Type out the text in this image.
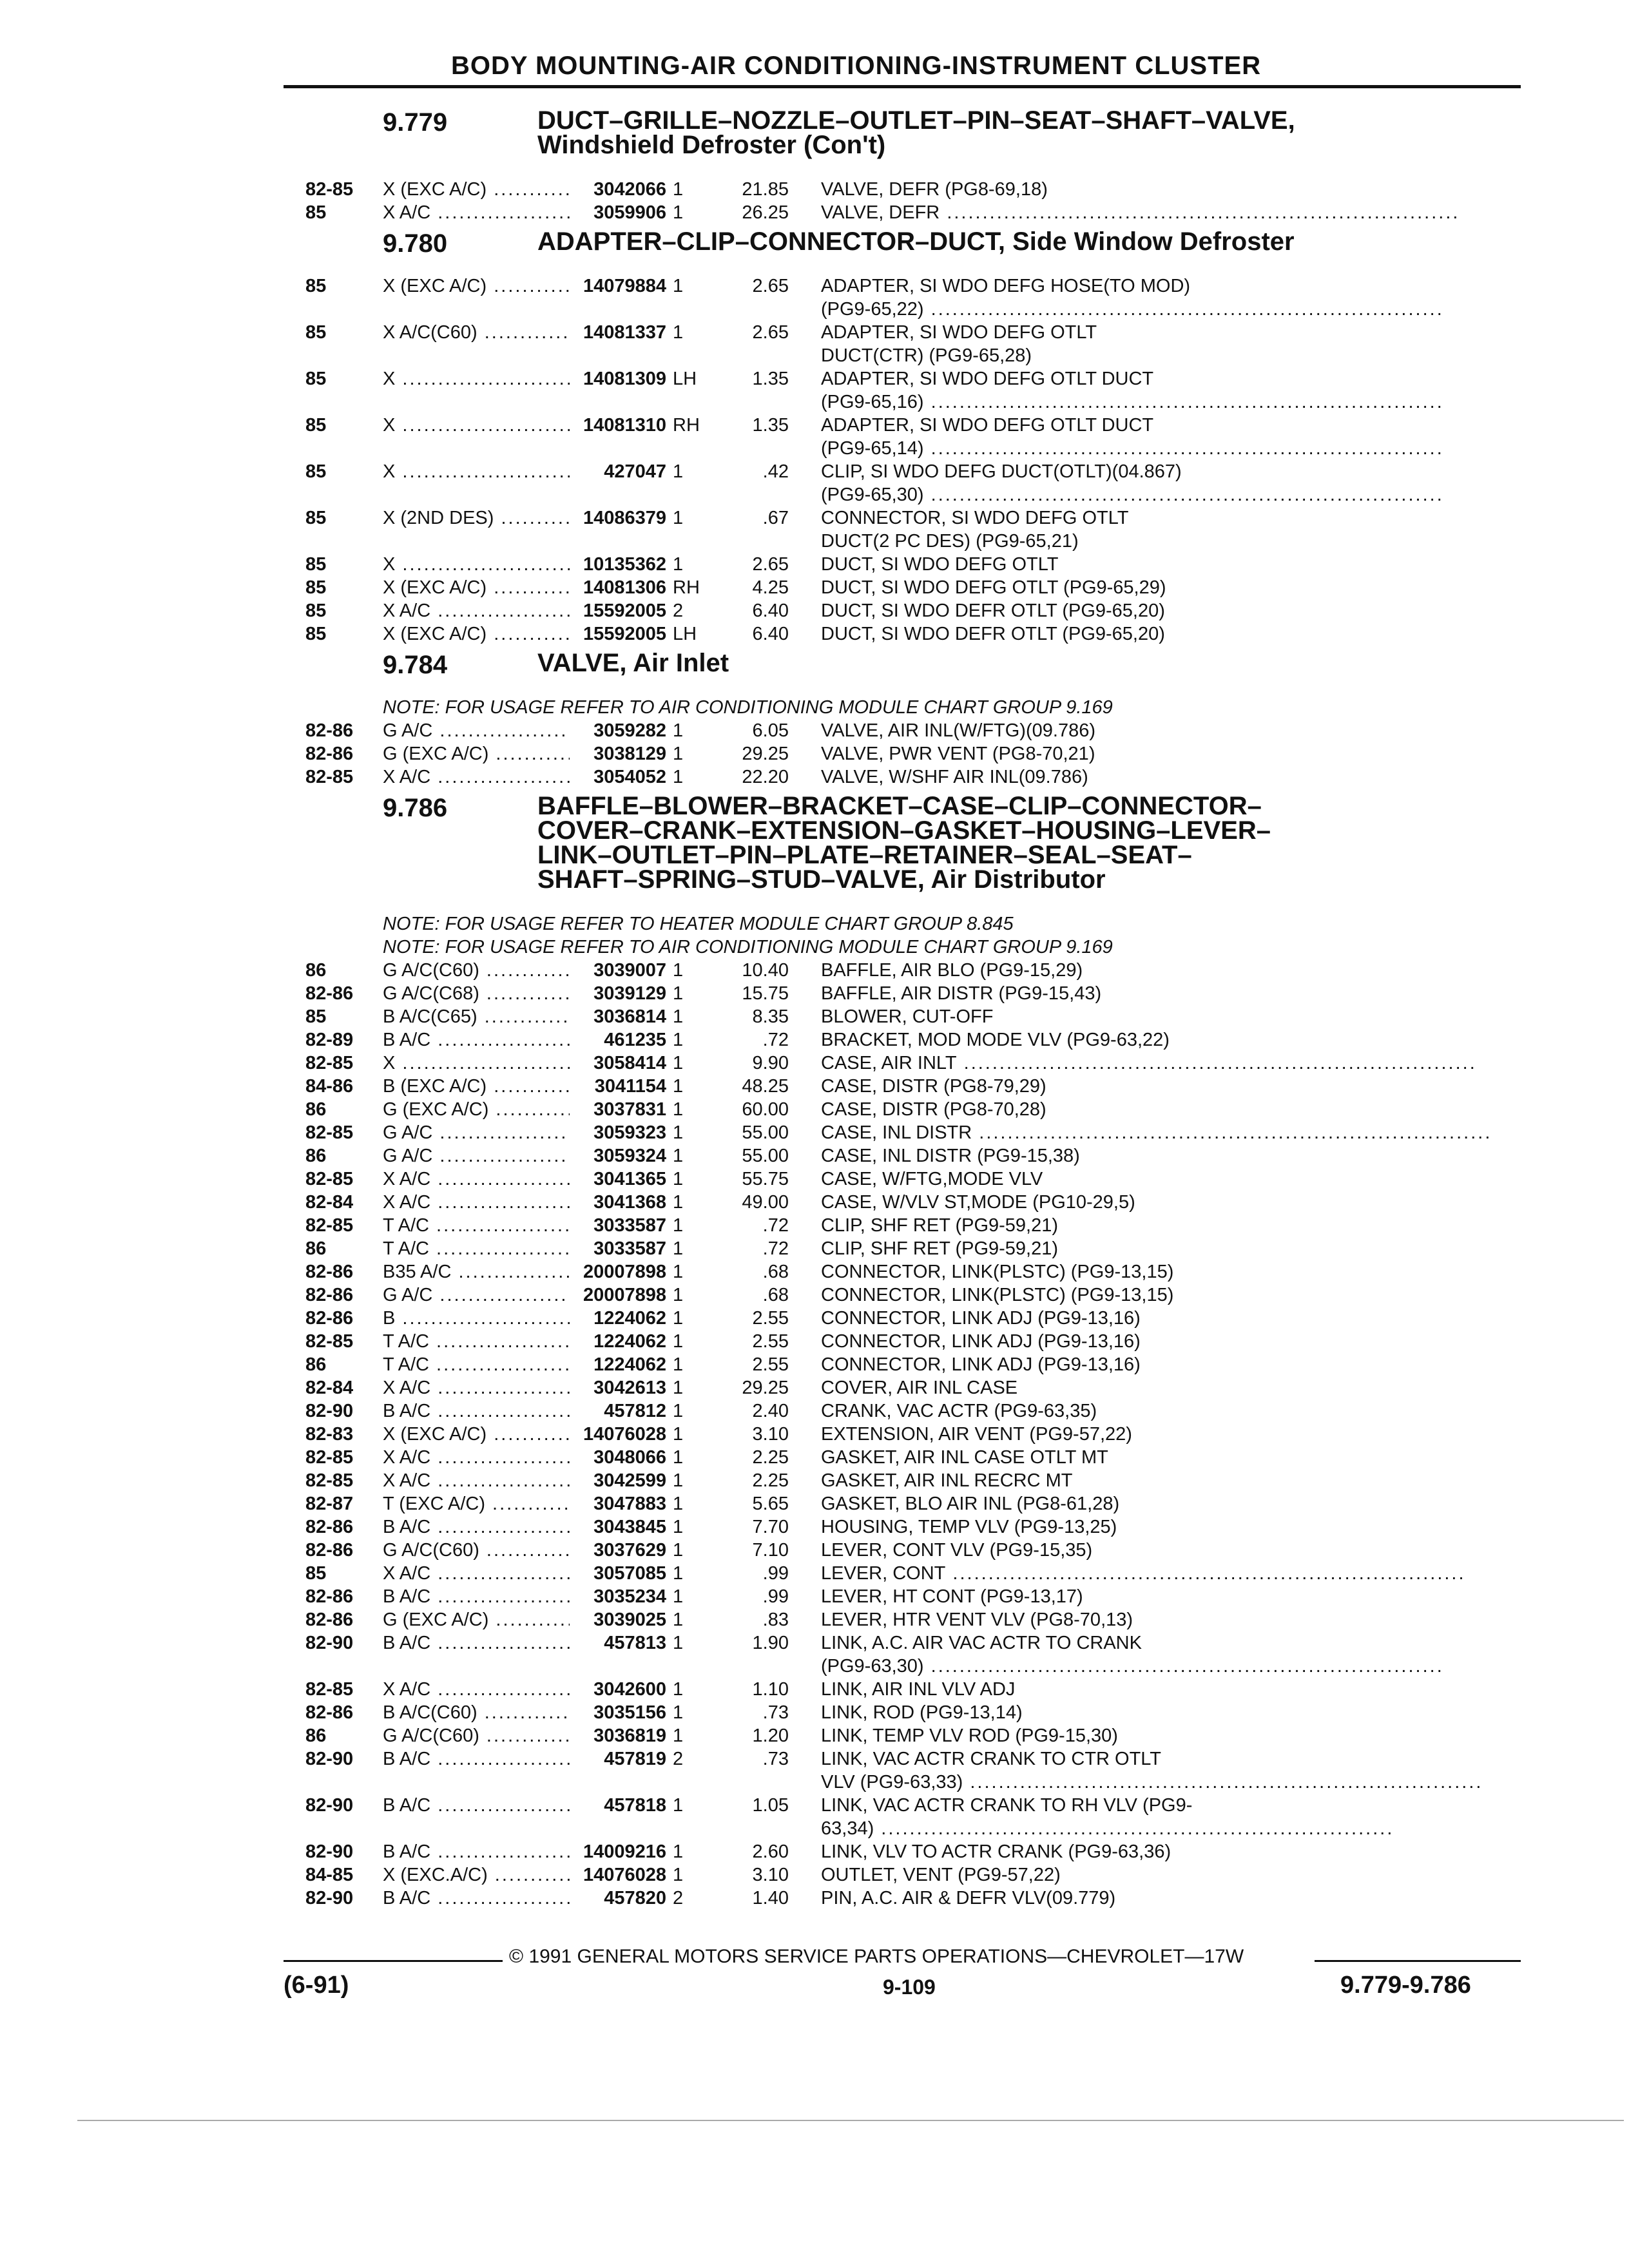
BODY MOUNTING-AIR CONDITIONING-INSTRUMENT CLUSTER
9.779	DUCT–GRILLE–NOZZLE–OUTLET–PIN–SEAT–SHAFT–VALVE,
Windshield Defroster (Con't)
82-85	X (EXC A/C) .....	3042066 1	21.85 VALVE, DEFR (PG8-69,18) .....
85	X A/C .....	3059906 1	26.25 VALVE, DEFR .....
9.780	ADAPTER–CLIP–CONNECTOR–DUCT, Side Window Defroster
85	X (EXC A/C) .....	14079884 1	2.65 ADAPTER, SI WDO DEFG HOSE(TO MOD)
(PG9-65,22) .....
85	X A/C(C60) .....	14081337 1	2.65 ADAPTER, SI WDO DEFG OTLT
DUCT(CTR) (PG9-65,28) .....
85	X .....	14081309 LH	1.35 ADAPTER, SI WDO DEFG OTLT DUCT
(PG9-65,16) .....
85	X .....	14081310 RH	1.35 ADAPTER, SI WDO DEFG OTLT DUCT
(PG9-65,14) .....
85	X .....	427047 1	.42 CLIP, SI WDO DEFG DUCT(OTLT)(04.867)
(PG9-65,30) .....
85	X (2ND DES) .....	14086379 1	.67 CONNECTOR, SI WDO DEFG OTLT
DUCT(2 PC DES) (PG9-65,21) .....
85	X .....	10135362 1	2.65 DUCT, SI WDO DEFG OTLT .....
85	X (EXC A/C) .....	14081306 RH	4.25 DUCT, SI WDO DEFG OTLT (PG9-65,29) .....
85	X A/C .....	15592005 2	6.40 DUCT, SI WDO DEFR OTLT (PG9-65,20) .....
85	X (EXC A/C) .....	15592005 LH	6.40 DUCT, SI WDO DEFR OTLT (PG9-65,20) .....
9.784	VALVE, Air Inlet
NOTE: FOR USAGE REFER TO AIR CONDITIONING MODULE CHART GROUP 9.169
82-86	G A/C .....	3059282 1	6.05 VALVE, AIR INL(W/FTG)(09.786) .....
82-86	G (EXC A/C) .....	3038129 1	29.25 VALVE, PWR VENT (PG8-70,21) .....
82-85	X A/C .....	3054052 1	22.20 VALVE, W/SHF AIR INL(09.786) .....
9.786	BAFFLE–BLOWER–BRACKET–CASE–CLIP–CONNECTOR–
COVER–CRANK–EXTENSION–GASKET–HOUSING–LEVER–
LINK–OUTLET–PIN–PLATE–RETAINER–SEAL–SEAT–
SHAFT–SPRING–STUD–VALVE, Air Distributor
NOTE: FOR USAGE REFER TO HEATER MODULE CHART GROUP 8.845
NOTE: FOR USAGE REFER TO AIR CONDITIONING MODULE CHART GROUP 9.169
86	G A/C(C60) .....	3039007 1	10.40 BAFFLE, AIR BLO (PG9-15,29) .....
82-86	G A/C(C68) .....	3039129 1	15.75 BAFFLE, AIR DISTR (PG9-15,43) .....
85	B A/C(C65) .....	3036814 1	8.35 BLOWER, CUT-OFF .....
82-89	B A/C .....	461235 1	.72 BRACKET, MOD MODE VLV (PG9-63,22) .....
82-85	X .....	3058414 1	9.90 CASE, AIR INLT .....
84-86	B (EXC A/C) .....	3041154 1	48.25 CASE, DISTR (PG8-79,29) .....
86	G (EXC A/C) .....	3037831 1	60.00 CASE, DISTR (PG8-70,28) .....
82-85	G A/C .....	3059323 1	55.00 CASE, INL DISTR .....
86	G A/C .....	3059324 1	55.00 CASE, INL DISTR (PG9-15,38) .....
82-85	X A/C .....	3041365 1	55.75 CASE, W/FTG,MODE VLV .....
82-84	X A/C .....	3041368 1	49.00 CASE, W/VLV ST,MODE (PG10-29,5) .....
82-85	T A/C .....	3033587 1	.72 CLIP, SHF RET (PG9-59,21) .....
86	T A/C .....	3033587 1	.72 CLIP, SHF RET (PG9-59,21) .....
82-86	B35 A/C .....	20007898 1	.68 CONNECTOR, LINK(PLSTC) (PG9-13,15) .....
82-86	G A/C .....	20007898 1	.68 CONNECTOR, LINK(PLSTC) (PG9-13,15) .....
82-86	B .....	1224062 1	2.55 CONNECTOR, LINK ADJ (PG9-13,16) .....
82-85	T A/C .....	1224062 1	2.55 CONNECTOR, LINK ADJ (PG9-13,16) .....
86	T A/C .....	1224062 1	2.55 CONNECTOR, LINK ADJ (PG9-13,16) .....
82-84	X A/C .....	3042613 1	29.25 COVER, AIR INL CASE .....
82-90	B A/C .....	457812 1	2.40 CRANK, VAC ACTR (PG9-63,35) .....
82-83	X (EXC A/C) .....	14076028 1	3.10 EXTENSION, AIR VENT (PG9-57,22) .....
82-85	X A/C .....	3048066 1	2.25 GASKET, AIR INL CASE OTLT MT .....
82-85	X A/C .....	3042599 1	2.25 GASKET, AIR INL RECRC MT .....
82-87	T (EXC A/C) .....	3047883 1	5.65 GASKET, BLO AIR INL (PG8-61,28) .....
82-86	B A/C .....	3043845 1	7.70 HOUSING, TEMP VLV (PG9-13,25) .....
82-86	G A/C(C60) .....	3037629 1	7.10 LEVER, CONT VLV (PG9-15,35) .....
85	X A/C .....	3057085 1	.99 LEVER, CONT .....
82-86	B A/C .....	3035234 1	.99 LEVER, HT CONT (PG9-13,17) .....
82-86	G (EXC A/C) .....	3039025 1	.83 LEVER, HTR VENT VLV (PG8-70,13) .....
82-90	B A/C .....	457813 1	1.90 LINK, A.C. AIR VAC ACTR TO CRANK
(PG9-63,30) .....
82-85	X A/C .....	3042600 1	1.10 LINK, AIR INL VLV ADJ .....
82-86	B A/C(C60) .....	3035156 1	.73 LINK, ROD (PG9-13,14) .....
86	G A/C(C60) .....	3036819 1	1.20 LINK, TEMP VLV ROD (PG9-15,30) .....
82-90	B A/C .....	457819 2	.73 LINK, VAC ACTR CRANK TO CTR OTLT
VLV (PG9-63,33) .....
82-90	B A/C .....	457818 1	1.05 LINK, VAC ACTR CRANK TO RH VLV (PG9-
63,34) .....
82-90	B A/C .....	14009216 1	2.60 LINK, VLV TO ACTR CRANK (PG9-63,36) .....
84-85	X (EXC.A/C) .....	14076028 1	3.10 OUTLET, VENT (PG9-57,22) .....
82-90	B A/C .....	457820 2	1.40 PIN, A.C. AIR & DEFR VLV(09.779) .....
© 1991 GENERAL MOTORS SERVICE PARTS OPERATIONS—CHEVROLET—17W
(6-91)	9-109	9.779-9.786
